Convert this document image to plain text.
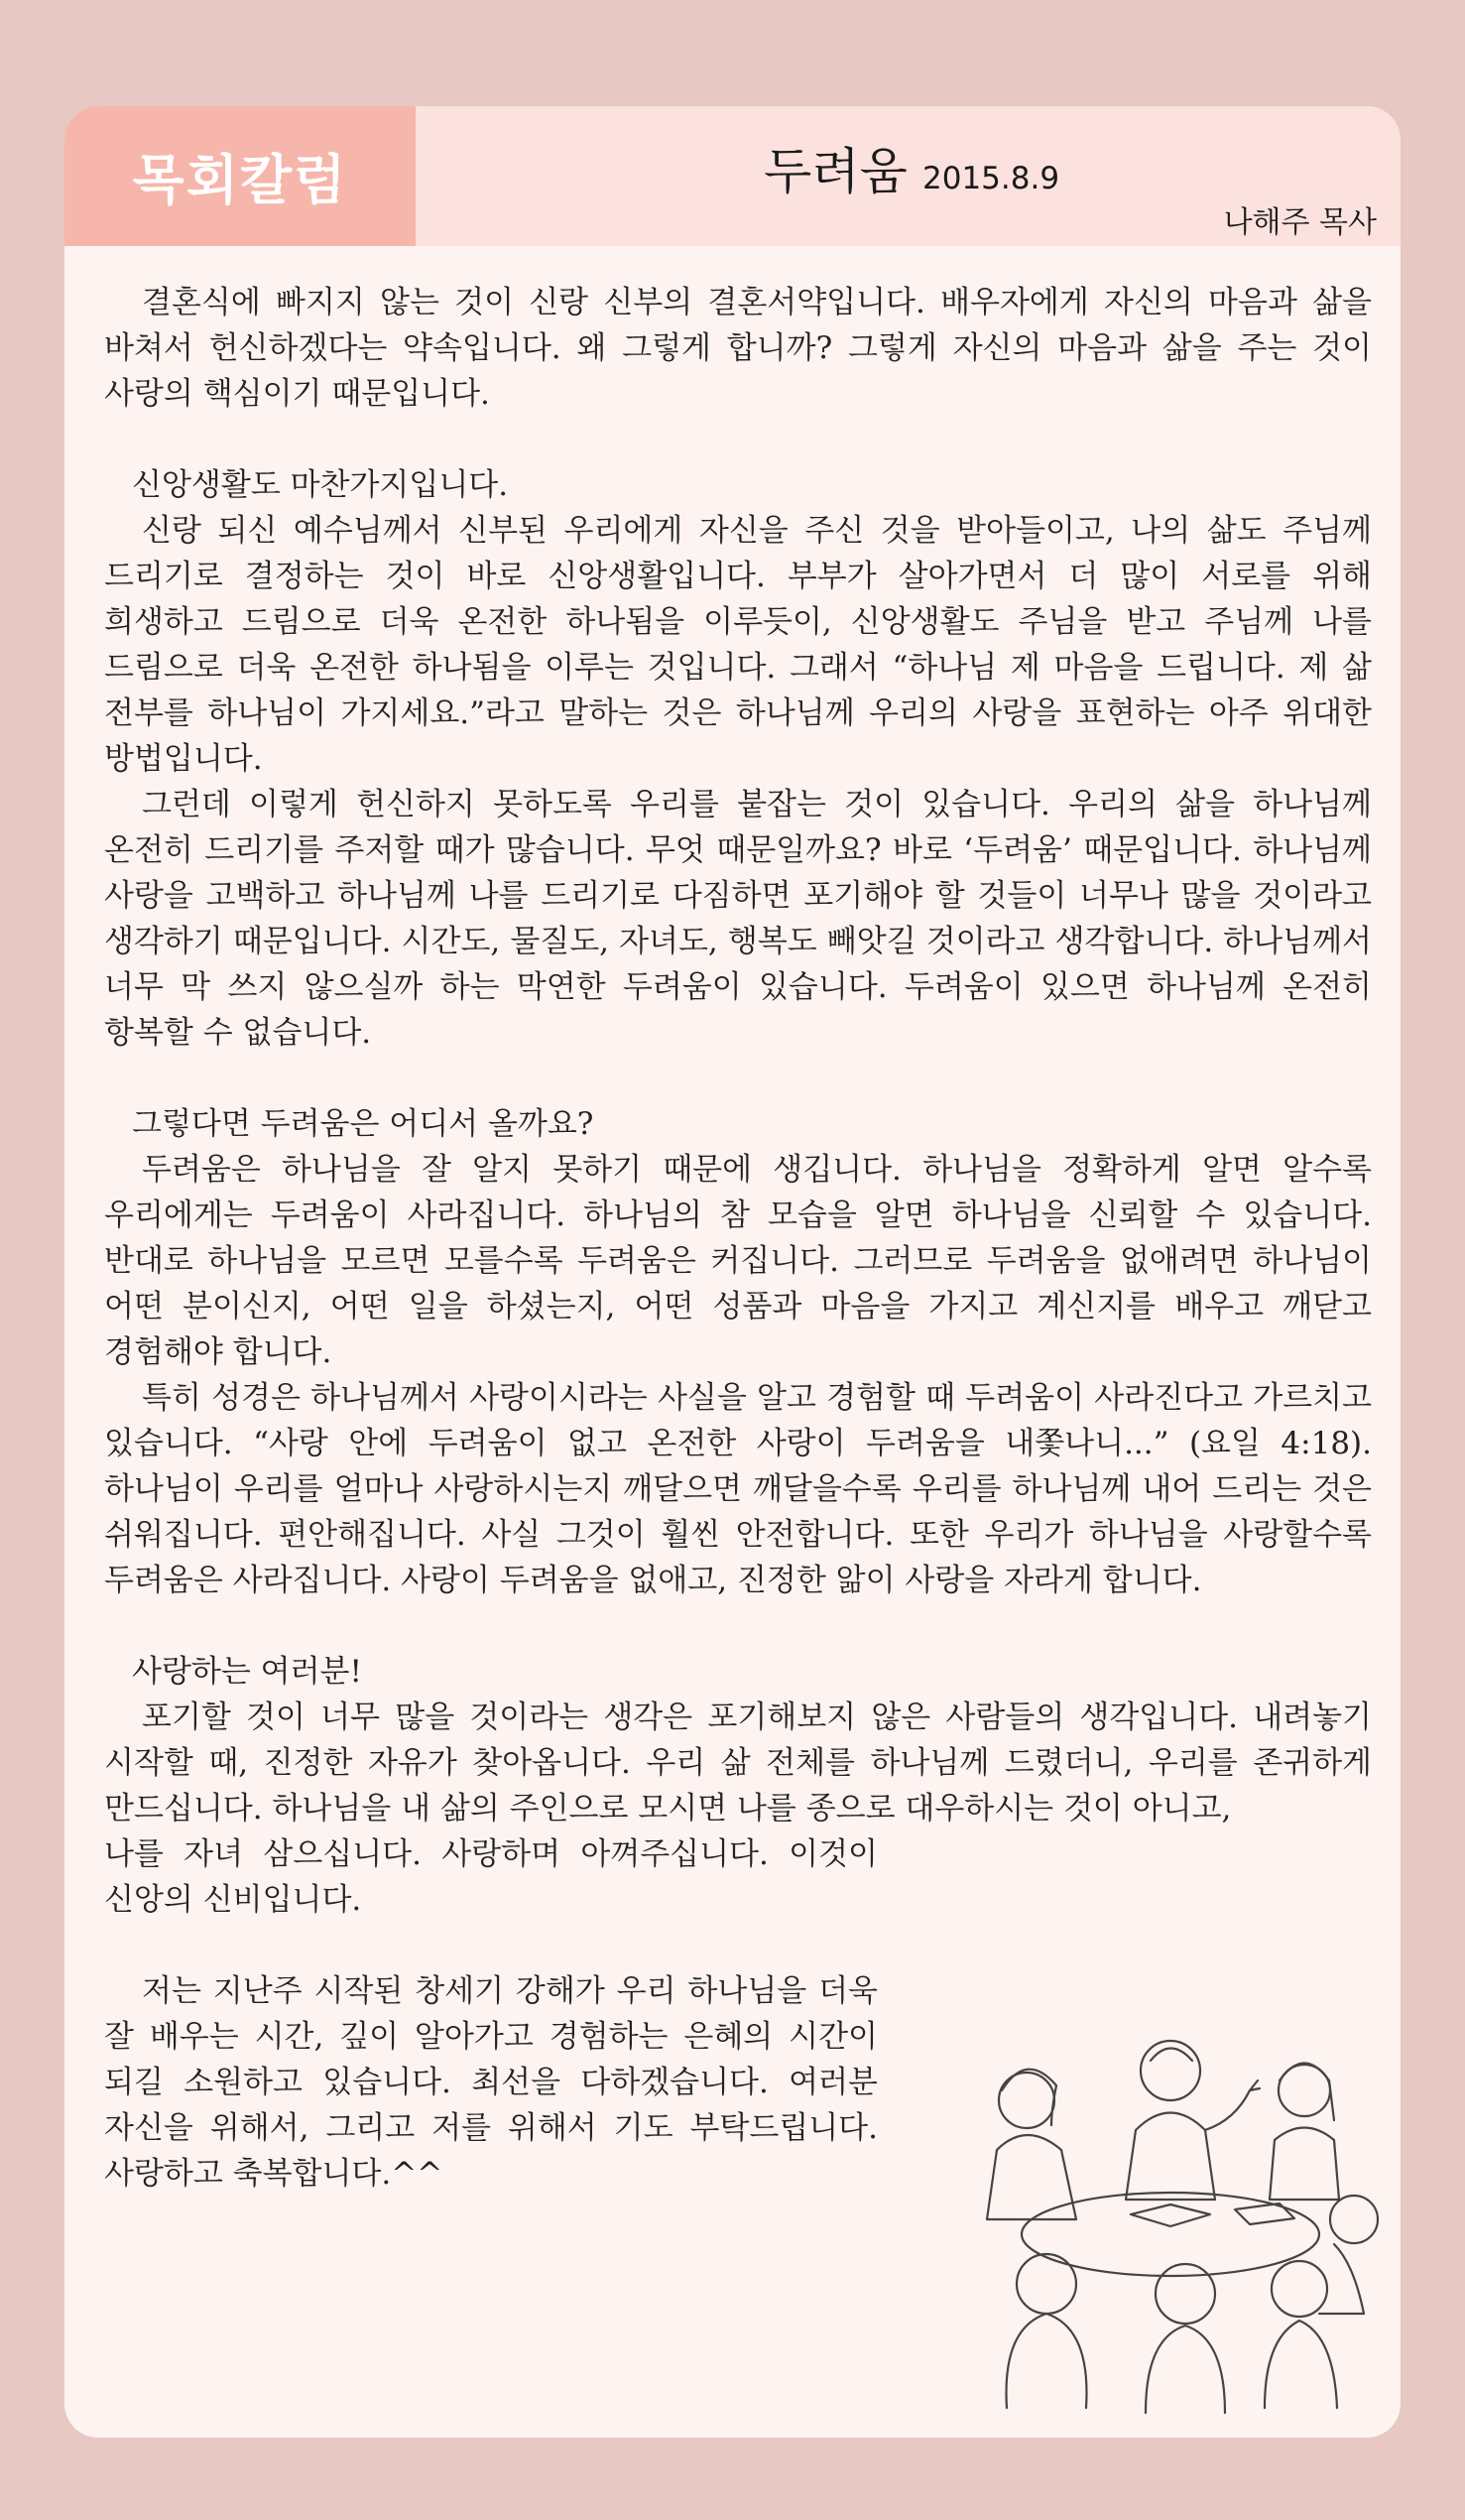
목회칼럼	두려움 2015.8.9
나해주 목사

결혼식에 빠지지 않는 것이 신랑 신부의 결혼서약입니다. 배우자에게 자신의 마음과 삶을 바쳐서 헌신하겠다는 약속입니다. 왜 그렇게 합니까? 그렇게 자신의 마음과 삶을 주는 것이 사랑의 핵심이기 때문입니다.

신앙생활도 마찬가지입니다.

신랑 되신 예수님께서 신부된 우리에게 자신을 주신 것을 받아들이고, 나의 삶도 주님께 드리기로 결정하는 것이 바로 신앙생활입니다. 부부가 살아가면서 더 많이 서로를 위해 희생하고 드림으로 더욱 온전한 하나됨을 이루듯이, 신앙생활도 주님을 받고 주님께 나를 드림으로 더욱 온전한 하나됨을 이루는 것입니다. 그래서 “하나님 제 마음을 드립니다. 제 삶 전부를 하나님이 가지세요.”라고 말하는 것은 하나님께 우리의 사랑을 표현하는 아주 위대한 방법입니다.

그런데 이렇게 헌신하지 못하도록 우리를 붙잡는 것이 있습니다. 우리의 삶을 하나님께 온전히 드리기를 주저할 때가 많습니다. 무엇 때문일까요? 바로 ‘두려움’ 때문입니다. 하나님께 사랑을 고백하고 하나님께 나를 드리기로 다짐하면 포기해야 할 것들이 너무나 많을 것이라고 생각하기 때문입니다. 시간도, 물질도, 자녀도, 행복도 빼앗길 것이라고 생각합니다. 하나님께서 너무 막 쓰지 않으실까 하는 막연한 두려움이 있습니다. 두려움이 있으면 하나님께 온전히 항복할 수 없습니다.

그렇다면 두려움은 어디서 올까요?

두려움은 하나님을 잘 알지 못하기 때문에 생깁니다. 하나님을 정확하게 알면 알수록 우리에게는 두려움이 사라집니다. 하나님의 참 모습을 알면 하나님을 신뢰할 수 있습니다. 반대로 하나님을 모르면 모를수록 두려움은 커집니다. 그러므로 두려움을 없애려면 하나님이 어떤 분이신지, 어떤 일을 하셨는지, 어떤 성품과 마음을 가지고 계신지를 배우고 깨닫고 경험해야 합니다.

특히 성경은 하나님께서 사랑이시라는 사실을 알고 경험할 때 두려움이 사라진다고 가르치고 있습니다. “사랑 안에 두려움이 없고 온전한 사랑이 두려움을 내쫓나니...” (요일 4:18). 하나님이 우리를 얼마나 사랑하시는지 깨달으면 깨달을수록 우리를 하나님께 내어 드리는 것은 쉬워집니다. 편안해집니다. 사실 그것이 훨씬 안전합니다. 또한 우리가 하나님을 사랑할수록 두려움은 사라집니다. 사랑이 두려움을 없애고, 진정한 앎이 사랑을 자라게 합니다.

사랑하는 여러분!

포기할 것이 너무 많을 것이라는 생각은 포기해보지 않은 사람들의 생각입니다. 내려놓기 시작할 때, 진정한 자유가 찾아옵니다. 우리 삶 전체를 하나님께 드렸더니, 우리를 존귀하게 만드십니다. 하나님을 내 삶의 주인으로 모시면 나를 종으로 대우하시는 것이 아니고,

나를 자녀 삼으십니다. 사랑하며 아껴주십니다. 이것이 신앙의 신비입니다.

저는 지난주 시작된 창세기 강해가 우리 하나님을 더욱 잘 배우는 시간, 깊이 알아가고 경험하는 은혜의 시간이 되길 소원하고 있습니다. 최선을 다하겠습니다. 여러분 자신을 위해서, 그리고 저를 위해서 기도 부탁드립니다. 사랑하고 축복합니다.^^
